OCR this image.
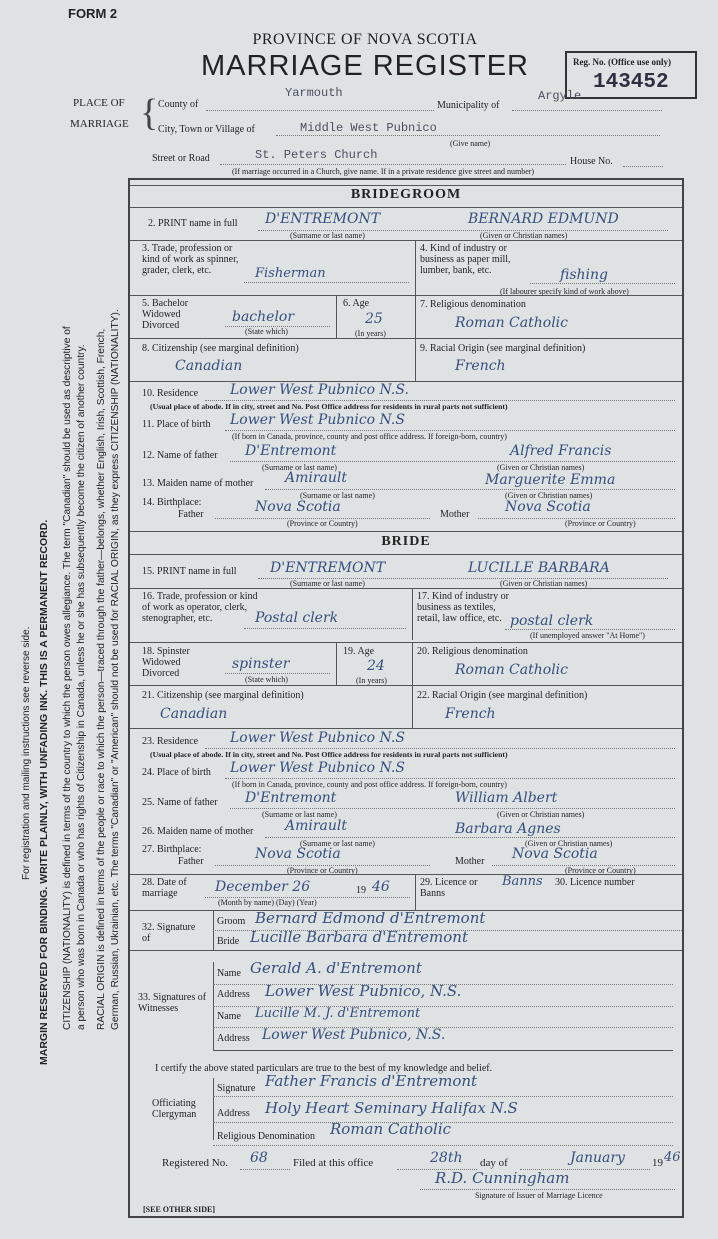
For registration and mailing instructions see reverse side. MARGIN RESERVED FOR BINDING. WRITE PLAINLY, WITH UNFADING INK. THIS IS A PERMANENT RECORD. CITIZENSHIP (NATIONALITY) is defined in terms of the country to which the person owes allegiance. The term "Canadian" should be used as descriptive of a person who was born in Canada or who has rights of Citizenship in Canada, unless he or she has subsequently become the citizen of another country. RACIAL ORIGIN is defined in terms of the people or race to which the person—traced through the father—belongs, whether English, Irish, Scottish, French, German, Russian, Ukrainian, etc. The terms "Canadian" or "American" should not be used for RACIAL ORIGIN, as they express CITIZENSHIP (NATIONALITY).
FORM 2
PROVINCE OF NOVA SCOTIA
MARRIAGE REGISTER	Reg. No. (Office use only)
143452
PLACE OF
MARRIAGE { County of
Yarmouth
Municipality of
Argyle
City, Town or Village of	Middle West Pubnico
(Give name)
Street or Road	St. Peters Church	House No.
(If marriage occurred in a Church, give name. If in a private residence give street and number)
BRIDEGROOM
2. PRINT name in full D'ENTREMONT	BERNARD EDMUND
(Surname or last name)	(Given or Christian names)
3. Trade, profession or kind of work as spinner, grader, clerk, etc.	Fisherman
4. Kind of industry or business as paper mill, lumber, bank, etc.	fishing
(If labourer specify kind of work above)
5. Bachelor Widowed Divorced
bachelor
(State which)
6. Age
25
(In years)
7. Religious denomination
Roman Catholic
8. Citizenship (see marginal definition)
Canadian
9. Racial Origin (see marginal definition)
French
10. Residence Lower West Pubnico N.S.
(Usual place of abode. If in city, street and No. Post Office address for residents in rural parts not sufficient)
11. Place of birth Lower West Pubnico N.S
(If born in Canada, province, county and post office address. If foreign-born, country)
12. Name of father D'Entremont	Alfred Francis
(Surname or last name)	(Given or Christian names)
13. Maiden name of mother Amirault	Marguerite Emma
(Surname or last name)	(Given or Christian names)
14. Birthplace:
Father	Nova Scotia
(Province or Country)
Mother	Nova Scotia
(Province or Country)
BRIDE
15. PRINT name in full D'ENTREMONT	LUCILLE BARBARA
(Surname or last name)	(Given or Christian names)
16. Trade, profession or kind of work as operator, clerk, stenographer, etc.	Postal clerk
17. Kind of industry or business as textiles, retail, law office, etc. postal clerk
(If unemployed answer "At Home")
18. Spinster Widowed Divorced
spinster
(State which)
19. Age
24
(In years)
20. Religious denomination
Roman Catholic
21. Citizenship (see marginal definition)
Canadian
22. Racial Origin (see marginal definition)
French
23. Residence Lower West Pubnico N.S
(Usual place of abode. If in city, street and No. Post Office address for residents in rural parts not sufficient)
24. Place of birth Lower West Pubnico N.S
(If born in Canada, province, county and post office address. If foreign-born, country)
25. Name of father D'Entremont	William Albert
(Surname or last name)	(Given or Christian names)
26. Maiden name of mother Amirault	Barbara Agnes
(Surname or last name)	(Given or Christian names)
27. Birthplace:
Father	Nova Scotia
(Province or Country)
Mother Nova Scotia
(Province or Country)
28. Date of marriage	December 26	19 46
(Month by name) (Day) (Year)
29. Licence or Banns
Banns 30. Licence number
32. Signature of
Groom Bernard Edmond d'Entremont
Bride Lucille Barbara d'Entremont
33. Signatures of Witnesses
Name Gerald A. d'Entremont
Address Lower West Pubnico, N.S.
Name Lucille M. J. d'Entremont
Address Lower West Pubnico, N.S.
I certify the above stated particulars are true to the best of my knowledge and belief.
Officiating Clergyman
Signature Father Francis d'Entremont
Address Holy Heart Seminary Halifax N.S
Religious Denomination Roman Catholic
Registered No. 68 Filed at this office	28th day of	January 19 46
R.D. Cunningham
Signature of Issuer of Marriage Licence
[SEE OTHER SIDE]
